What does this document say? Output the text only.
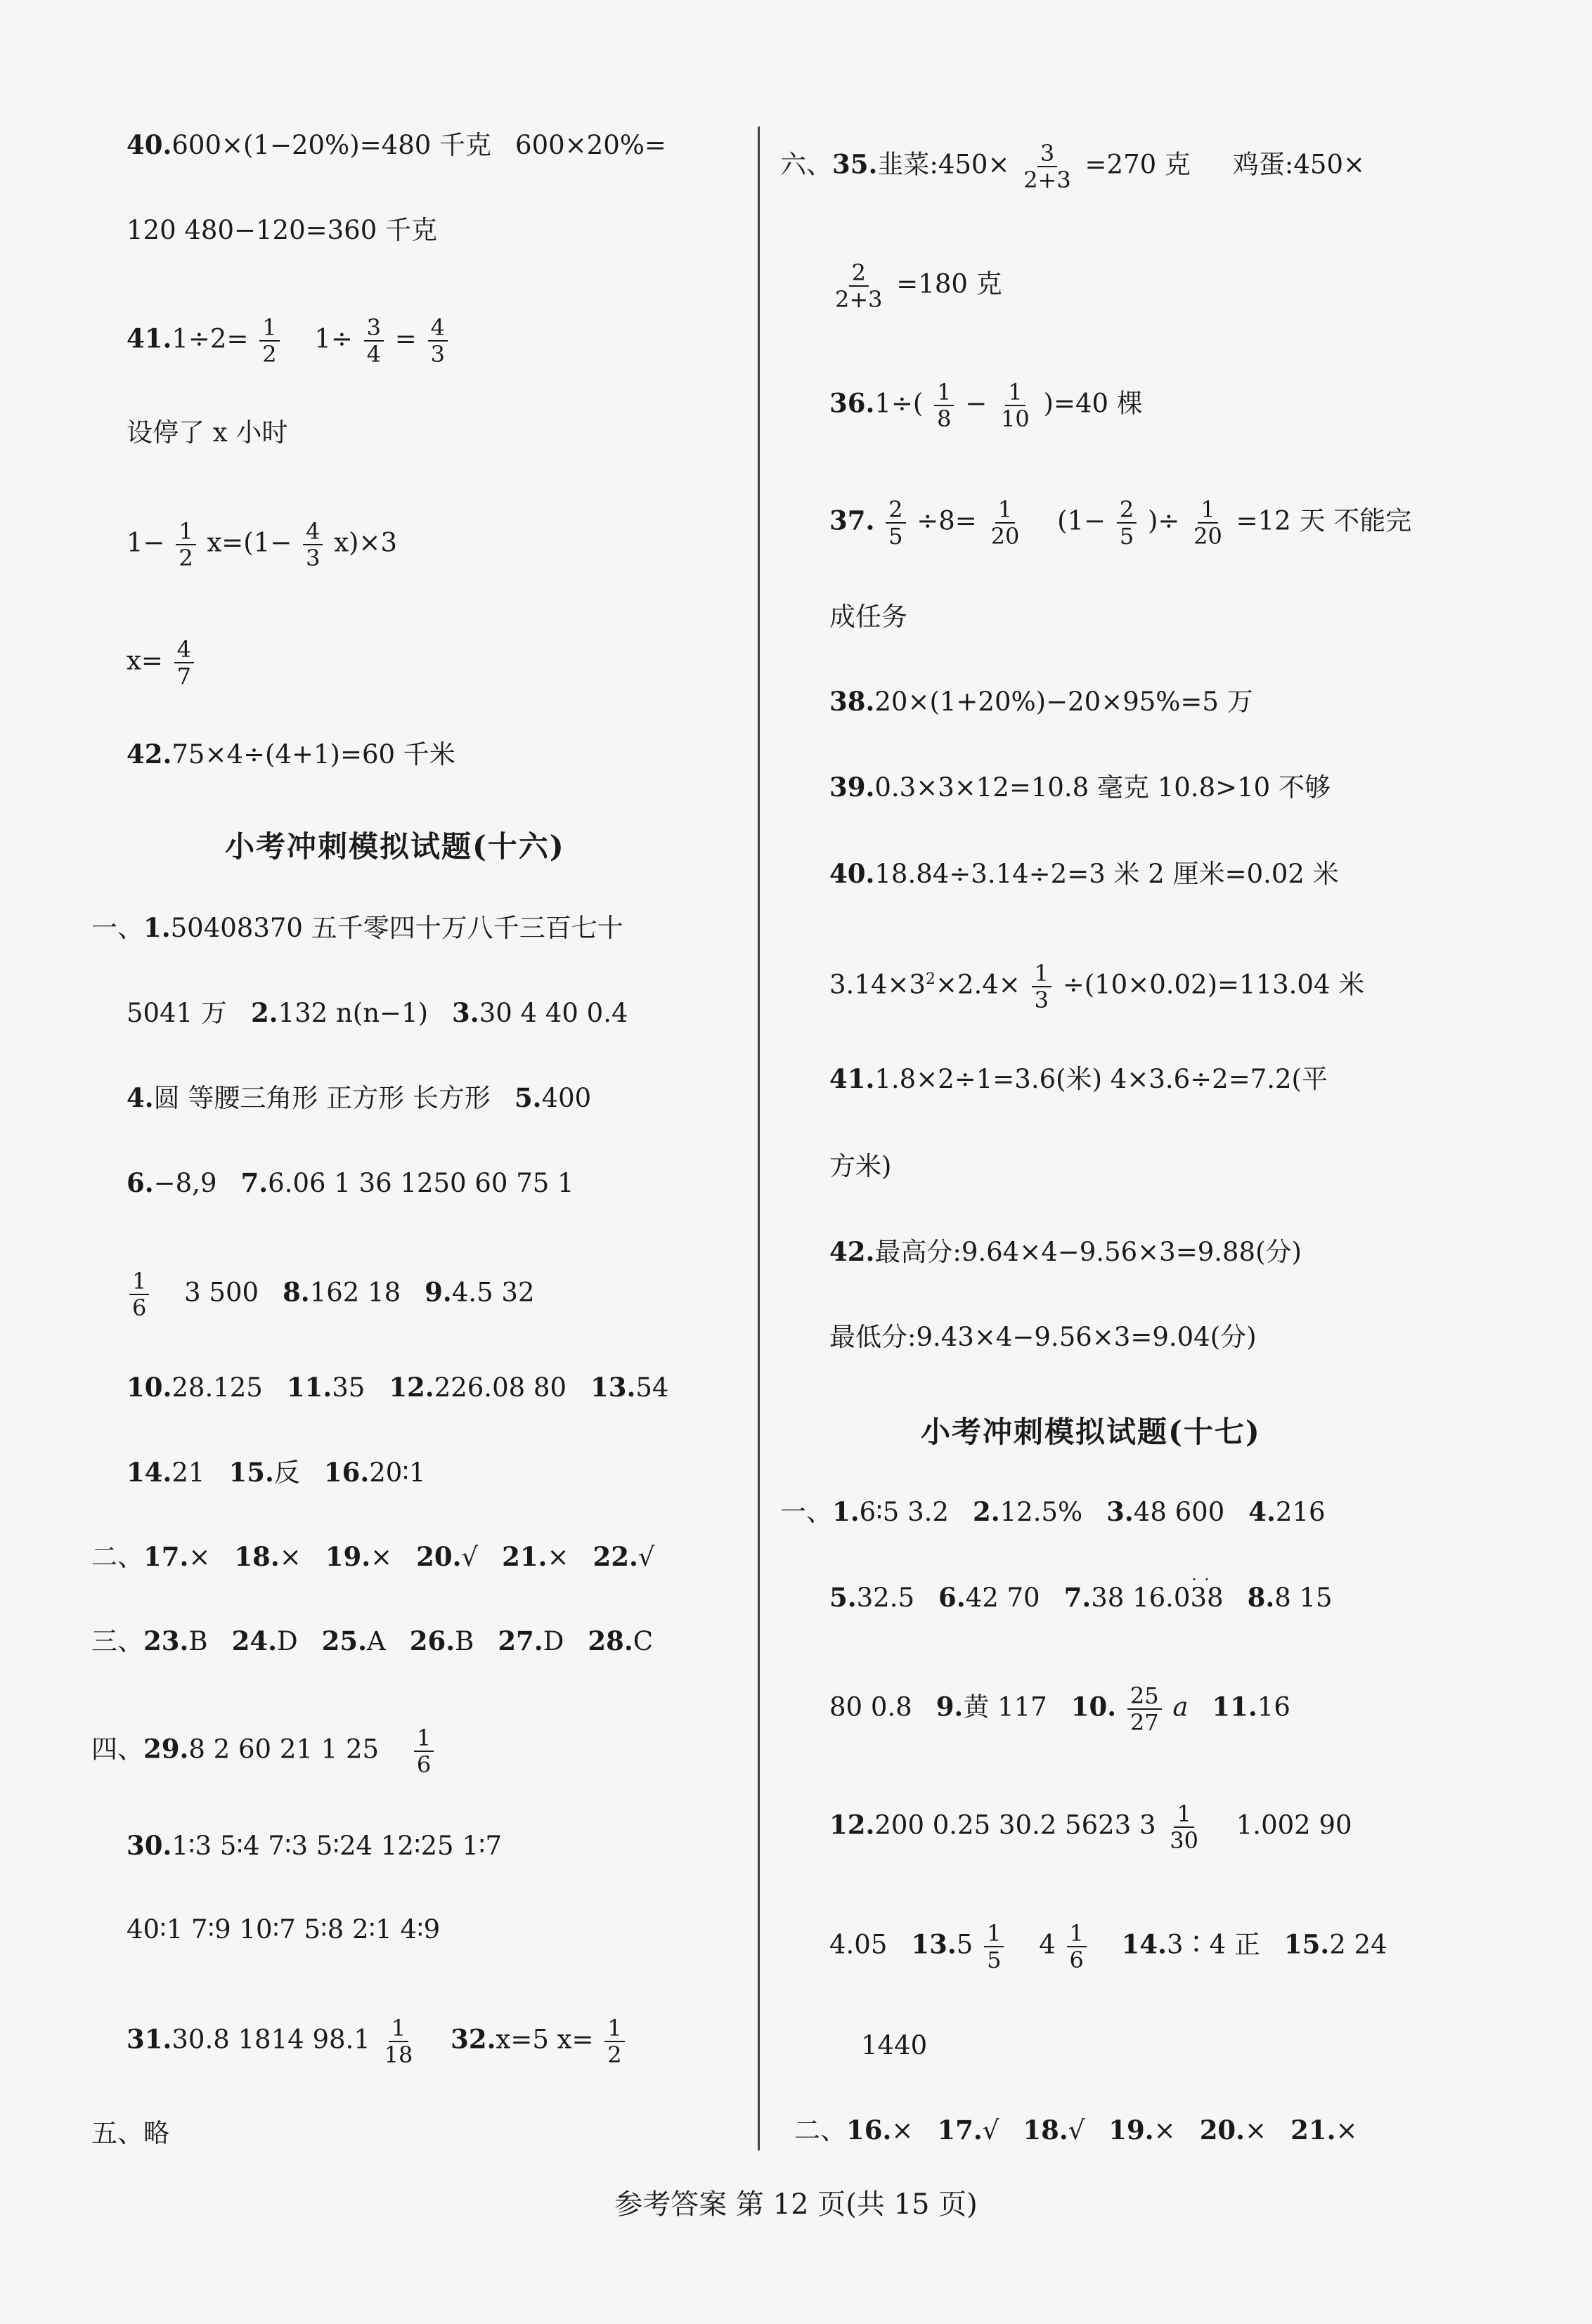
40.600×(1−20%)=480 千克 600×20%=
120 480−120=360 千克
$41.1\div 2= \frac{1}{2} 1\div \frac{3}{4} = \frac{4}{3}$
设停了 x 小时
$1- \frac{1}{2} x=(1- \frac{4}{3} x)\times 3$
$x= \frac{4}{7}$
42.75×4÷(4+1)=60 千米
小考冲刺模拟试题(十六)
一、1.50408370 五千零四十万八千三百七十
5041 万 2.132 n(n−1) 3.30 4 40 0.4
4.圆 等腰三角形 正方形 长方形 5.400
6.−8,9 7.6.06 1 36 1250 60 75 1
$\frac{1}{6} 3$ 500 8.162 18 9.4.5 32
10.28.125 11.35 12.226.08 80 13.54
14.21 15.反 16.20∶1
二、17.× 18.× 19.× 20.√ 21.× 22.√
三、23.B 24.D 25.A 26.B 27.D 28.C
四、29.8 2 60 21 1 $25 \frac{1}{6}$
30.1∶3 5∶4 7∶3 5∶24 12∶25 1∶7
40∶1 7∶9 10∶7 5∶8 2∶1 4∶9
31.30.8 1814 $98.1 \frac{1}{18} 32.x=5$ $x= \frac{1}{2}$
五、略
六、35.韭菜:450× $\frac{3}{2+3} =270$ 克 鸡蛋:450×
$\frac{2}{2+3} =180$ 克
$36.1\div( \frac{1}{8} - \frac{1}{10} )=40$ 棵
37. $\frac{2}{5} \div 8= \frac{1}{20} (1- \frac{2}{5}$ )÷ $\frac{1}{20} =12$ 天 不能完
成任务
38.20×(1+20%)−20×95%=5 万
39.0.3×3×12=10.8 毫克 10.8>10 不够
40.18.84÷3.14÷2=3 米 2 厘米=0.02 米
$3.14\times 3^2\times 2.4\times \frac{1}{3} \div(10\times 0.02)=113.04$ 米
41.1.8×2÷1=3.6(米) 4×3.6÷2=7.2(平
方米)
42.最高分:9.64×4−9.56×3=9.88(分)
最低分:9.43×4−9.56×3=9.04(分)
小考冲刺模拟试题(十七)
一、1.6∶5 3.2 2.12.5% 3.48 600 4.216
5.32.5 6.42 70 7.38 16.0· · 38 8.8 15
80 0.8 9.黄 117 10. $\frac{25}{27}$ a 11.16
12.200 0.25 30.2 5623 $3 \frac{1}{30} 1.002$ 90
4.05 $13.5 \frac{1}{5} 4 \frac{1}{6}$ 14.3∶4 正 15.2 24
1440
二、16.× 17.√ 18.√ 19.× 20.× 21.×
参考答案 第 12 页(共 15 页)
